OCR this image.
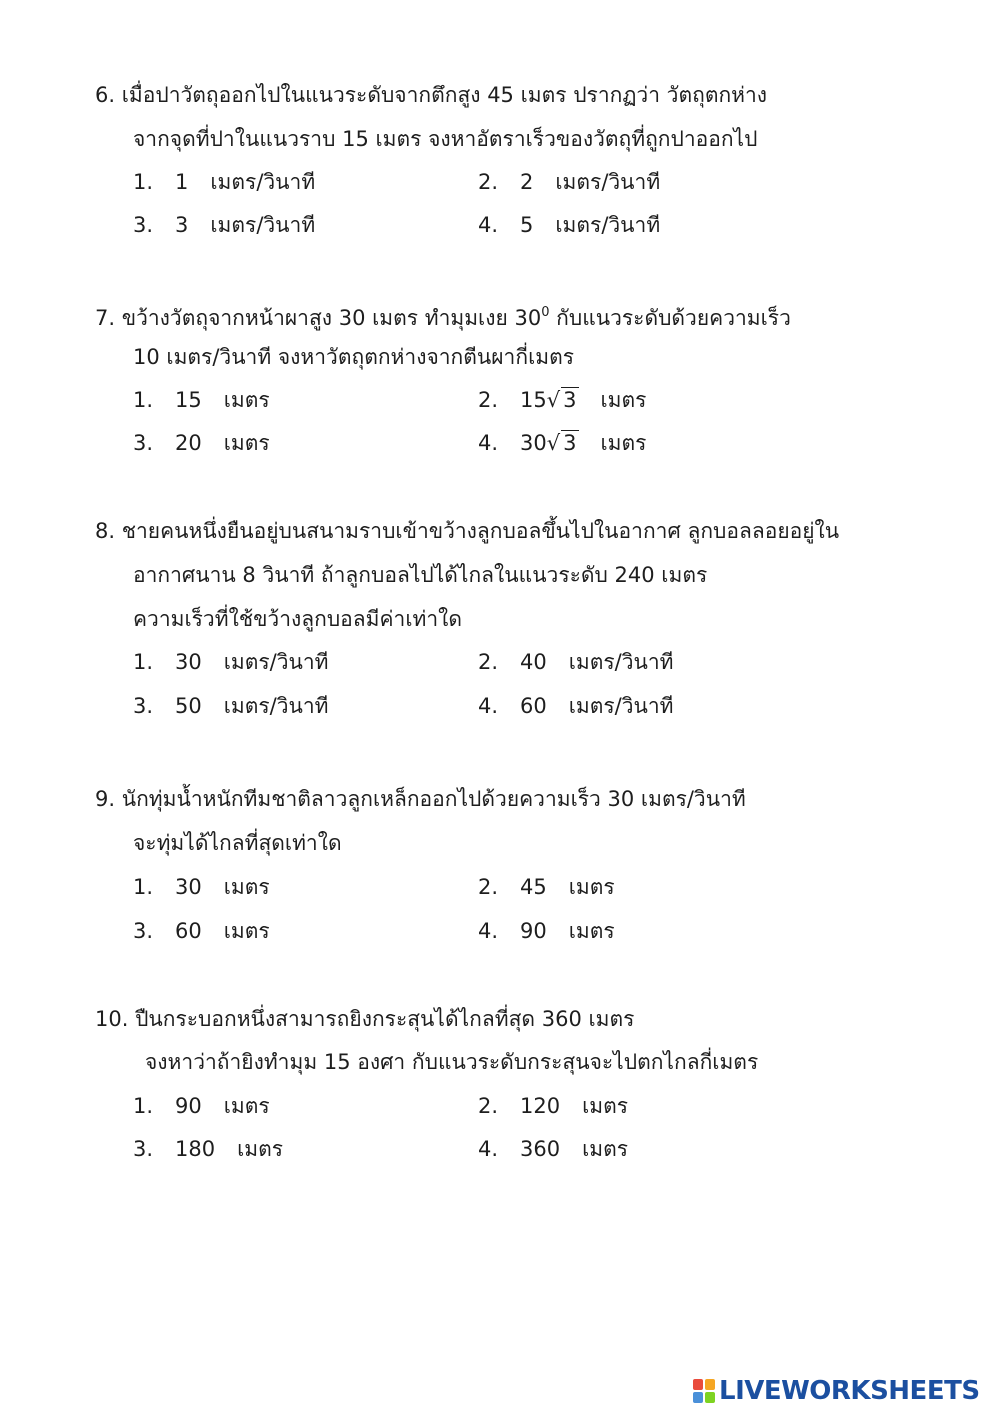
6. เมื่อปาวัตถุออกไปในแนวระดับจากตึกสูง 45 เมตร ปรากฏว่า วัตถุตกห่าง
จากจุดที่ปาในแนวราบ 15 เมตร จงหาอัตราเร็วของวัตถุที่ถูกปาออกไป
1. 1 เมตร/วินาที	2. 2 เมตร/วินาที
3. 3 เมตร/วินาที	4. 5 เมตร/วินาที
7. ขว้างวัตถุจากหน้าผาสูง 30 เมตร ทำมุมเงย $30^0$ กับแนวระดับด้วยความเร็ว
10 เมตร/วินาที จงหาวัตถุตกห่างจากตีนผากี่เมตร
1. 15 เมตร	2. 15√ 3 เมตร
3. 20 เมตร	4. 30√ 3 เมตร
8. ชายคนหนึ่งยืนอยู่บนสนามราบเข้าขว้างลูกบอลขึ้นไปในอากาศ ลูกบอลลอยอยู่ใน
อากาศนาน 8 วินาที ถ้าลูกบอลไปได้ไกลในแนวระดับ 240 เมตร
ความเร็วที่ใช้ขว้างลูกบอลมีค่าเท่าใด
1. 30 เมตร/วินาที	2. 40 เมตร/วินาที
3. 50 เมตร/วินาที	4. 60 เมตร/วินาที
9. นักทุ่มน้ำหนักทีมชาติลาวลูกเหล็กออกไปด้วยความเร็ว 30 เมตร/วินาที
จะทุ่มได้ไกลที่สุดเท่าใด
1. 30 เมตร	2. 45 เมตร
3. 60 เมตร	4. 90 เมตร
10. ปืนกระบอกหนึ่งสามารถยิงกระสุนได้ไกลที่สุด 360 เมตร
จงหาว่าถ้ายิงทำมุม 15 องศา กับแนวระดับกระสุนจะไปตกไกลกี่เมตร
1. 90 เมตร	2. 120 เมตร
3. 180 เมตร	4. 360 เมตร
LIVEWORKSHEETS
